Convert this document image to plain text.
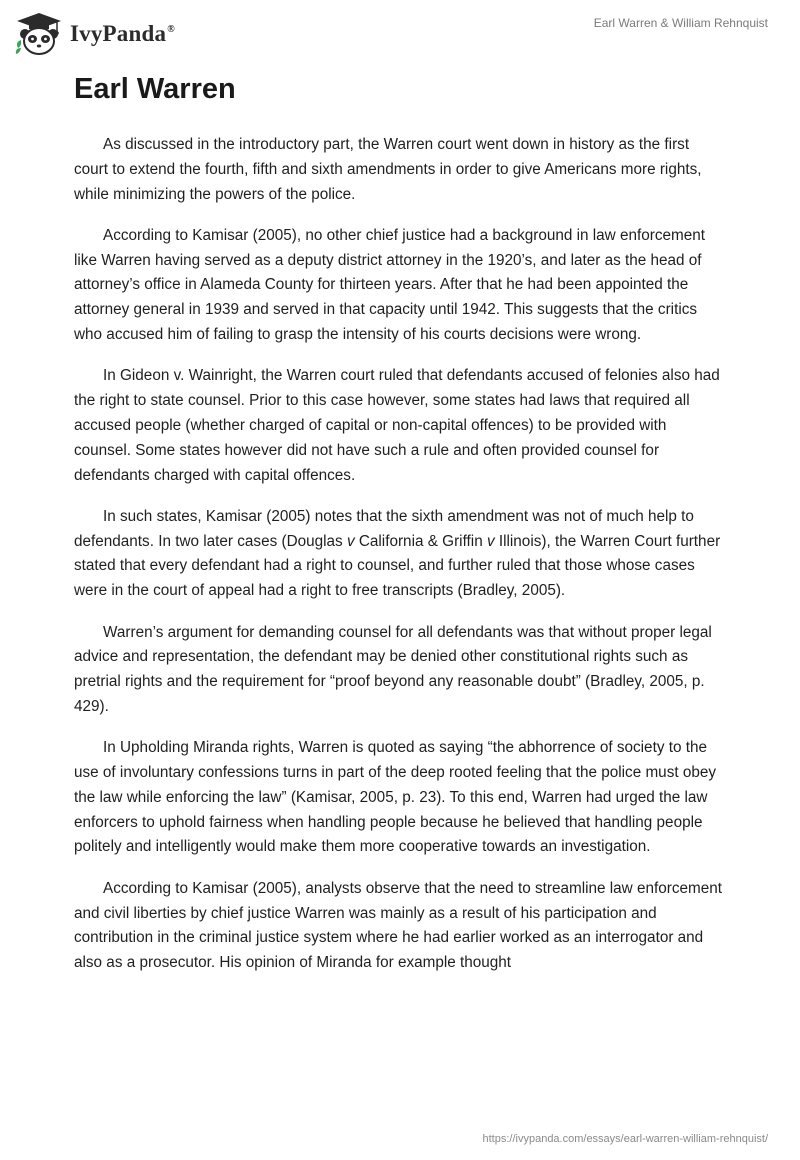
IvyPanda®	Earl Warren & William Rehnquist
Earl Warren

As discussed in the introductory part, the Warren court went down in history as the first court to extend the fourth, fifth and sixth amendments in order to give Americans more rights, while minimizing the powers of the police.

According to Kamisar (2005), no other chief justice had a background in law enforcement like Warren having served as a deputy district attorney in the 1920’s, and later as the head of attorney’s office in Alameda County for thirteen years. After that he had been appointed the attorney general in 1939 and served in that capacity until 1942. This suggests that the critics who accused him of failing to grasp the intensity of his courts decisions were wrong.

In Gideon v. Wainright, the Warren court ruled that defendants accused of felonies also had the right to state counsel. Prior to this case however, some states had laws that required all accused people (whether charged of capital or non-capital offences) to be provided with counsel. Some states however did not have such a rule and often provided counsel for defendants charged with capital offences.

In such states, Kamisar (2005) notes that the sixth amendment was not of much help to defendants. In two later cases (Douglas v California & Griffin v Illinois), the Warren Court further stated that every defendant had a right to counsel, and further ruled that those whose cases were in the court of appeal had a right to free transcripts (Bradley, 2005).

Warren’s argument for demanding counsel for all defendants was that without proper legal advice and representation, the defendant may be denied other constitutional rights such as pretrial rights and the requirement for “proof beyond any reasonable doubt” (Bradley, 2005, p. 429).

In Upholding Miranda rights, Warren is quoted as saying “the abhorrence of society to the use of involuntary confessions turns in part of the deep rooted feeling that the police must obey the law while enforcing the law” (Kamisar, 2005, p. 23). To this end, Warren had urged the law enforcers to uphold fairness when handling people because he believed that handling people politely and intelligently would make them more cooperative towards an investigation.

According to Kamisar (2005), analysts observe that the need to streamline law enforcement and civil liberties by chief justice Warren was mainly as a result of his participation and contribution in the criminal justice system where he had earlier worked as an interrogator and also as a prosecutor. His opinion of Miranda for example thought

https://ivypanda.com/essays/earl-warren-william-rehnquist/
